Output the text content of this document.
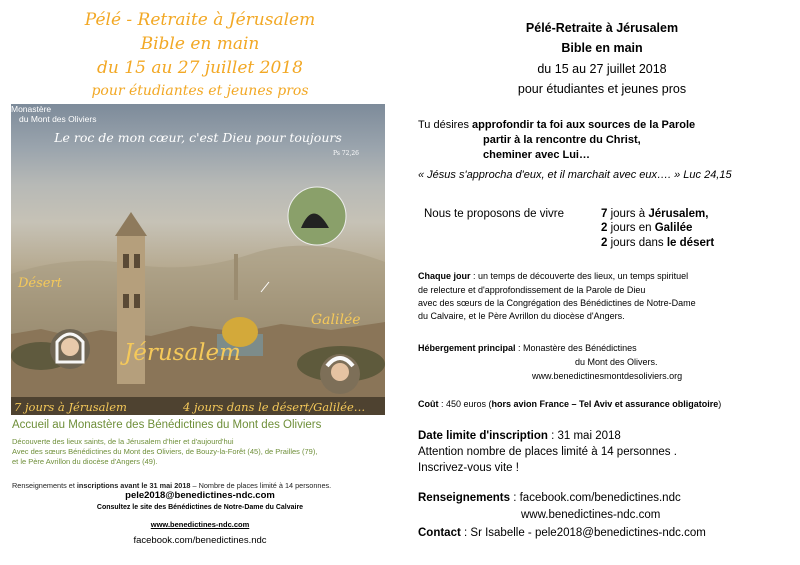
Pélé - Retraite à Jérusalem
Bible en main
du 15 au 27 juillet 2018
pour étudiantes et jeunes pros
Le roc de mon cœur, c'est Dieu pour toujours
Ps 72,26
Désert
Galilée
Jérusalem
Monastère
du Mont des Oliviers
7 jours à Jérusalem	4 jours dans le désert/Galilée…
Accueil au Monastère des Bénédictines du Mont des Oliviers
Découverte des lieux saints, de la Jérusalem d'hier et d'aujourd'hui
Avec des sœurs Bénédictines du Mont des Oliviers, de Bouzy-la-Forêt (45), de Prailles (79),
et le Père Avrillon du diocèse d'Angers (49).
Renseignements et inscriptions avant le 31 mai 2018 – Nombre de places limité à 14 personnes.
pele2018@benedictines-ndc.com
Consultez le site des Bénédictines de Notre-Dame du Calvaire
www.benedictines-ndc.com
facebook.com/benedictines.ndc
Pélé-Retraite à Jérusalem
Bible en main
du 15 au 27 juillet 2018
pour étudiantes et jeunes pros
Tu désires approfondir ta foi aux sources de la Parole
partir à la rencontre du Christ,
cheminer avec Lui…
« Jésus s'approcha d'eux, et il marchait avec eux…. » Luc 24,15
Nous te proposons de vivre	7 jours à Jérusalem,
2 jours en Galilée
2 jours dans le désert
Chaque jour : un temps de découverte des lieux, un temps spirituel
de relecture et d'approfondissement de la Parole de Dieu
avec des sœurs de la Congrégation des Bénédictines de Notre-Dame
du Calvaire, et le Père Avrillon du diocèse d'Angers.
Hébergement principal : Monastère des Bénédictines
du Mont des Olivers.
www.benedictinesmontdesoliviers.org
Coût : 450 euros (hors avion France – Tel Aviv et assurance obligatoire)
Date limite d'inscription : 31 mai 2018
Attention nombre de places limité à 14 personnes .
Inscrivez-vous vite !
Renseignements : facebook.com/benedictines.ndc
www.benedictines-ndc.com
Contact : Sr Isabelle - pele2018@benedictines-ndc.com
